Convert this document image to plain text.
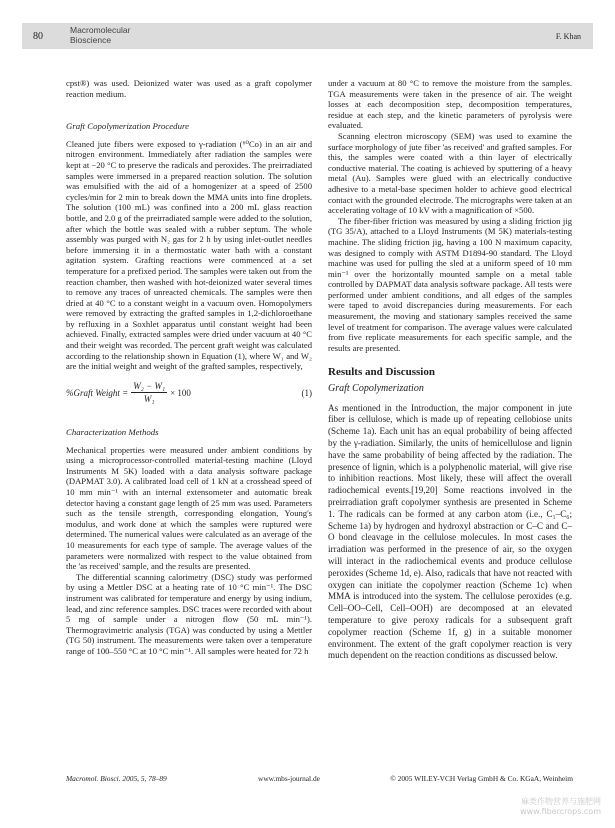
80
Macromolecular
Bioscience	F. Khan

cpst®) was used. Deionized water was used as a graft copolymer reaction medium.

Graft Copolymerization Procedure

Cleaned jute fibers were exposed to γ-radiation (⁶⁰Co) in an air and nitrogen environment. Immediately after radiation the samples were kept at −20 °C to preserve the radicals and peroxides. The preirradiated samples were immersed in a prepared reaction solution. The solution was emulsified with the aid of a homogenizer at a speed of 2500 cycles/min for 2 min to break down the MMA units into fine droplets. The solution (100 mL) was confined into a 200 mL glass reaction bottle, and 2.0 g of the preirradiated sample were added to the solution, after which the bottle was sealed with a rubber septum. The whole assembly was purged with N₂ gas for 2 h by using inlet-outlet needles before immersing it in a thermostatic water bath with a constant agitation system. Grafting reactions were commenced at a set temperature for a prefixed period. The samples were taken out from the reaction chamber, then washed with hot-deionized water several times to remove any traces of unreacted chemicals. The samples were then dried at 40 °C to a constant weight in a vacuum oven. Homopolymers were removed by extracting the grafted samples in 1,2-dichloroethane by refluxing in a Soxhlet apparatus until constant weight had been achieved. Finally, extracted samples were dried under vacuum at 40 °C and their weight was recorded. The percent graft weight was calculated according to the relationship shown in Equation (1), where W₁ and W₂ are the initial weight and weight of the grafted samples, respectively,

%Graft Weight = $\frac{\text{W₂ − W₁}}{\text{W₁}} \times 100$	(1)
Characterization Methods

Mechanical properties were measured under ambient conditions by using a microprocessor-controlled material-testing machine (Lloyd Instruments M 5K) loaded with a data analysis software package (DAPMAT 3.0). A calibrated load cell of 1 kN at a crosshead speed of 10 mm min⁻¹ with an internal extensometer and automatic break detector having a constant gage length of 25 mm was used. Parameters such as the tensile strength, corresponding elongation, Young's modulus, and work done at which the samples were ruptured were determined. The numerical values were calculated as an average of the 10 measurements for each type of sample. The average values of the parameters were normalized with respect to the value obtained from the 'as received' sample, and the results are presented.

The differential scanning calorimetry (DSC) study was performed by using a Mettler DSC at a heating rate of 10 °C min⁻¹. The DSC instrument was calibrated for temperature and energy by using indium, lead, and zinc reference samples. DSC traces were recorded with about 5 mg of sample under a nitrogen flow (50 mL min⁻¹). Thermogravimetric analysis (TGA) was conducted by using a Mettler (TG 50) instrument. The measurements were taken over a temperature range of 100–550 °C at 10 °C min⁻¹. All samples were heated for 72 h

under a vacuum at 80 °C to remove the moisture from the samples. TGA measurements were taken in the presence of air. The weight losses at each decomposition step, decomposition temperatures, residue at each step, and the kinetic parameters of pyrolysis were evaluated.

Scanning electron microscopy (SEM) was used to examine the surface morphology of jute fiber 'as received' and grafted samples. For this, the samples were coated with a thin layer of electrically conductive material. The coating is achieved by sputtering of a heavy metal (Au). Samples were glued with an electrically conductive adhesive to a metal-base specimen holder to achieve good electrical contact with the grounded electrode. The micrographs were taken at an accelerating voltage of 10 kV with a magnification of ×500.

The fiber-fiber friction was measured by using a sliding friction jig (TG 35/A), attached to a Lloyd Instruments (M 5K) materials-testing machine. The sliding friction jig, having a 100 N maximum capacity, was designed to comply with ASTM D1894-90 standard. The Lloyd machine was used for pulling the sled at a uniform speed of 10 mm min⁻¹ over the horizontally mounted sample on a metal table controlled by DAPMAT data analysis software package. All tests were performed under ambient conditions, and all edges of the samples were taped to avoid discrepancies during measurements. For each measurement, the moving and stationary samples received the same level of treatment for comparison. The average values were calculated from five replicate measurements for each specific sample, and the results are presented.

Results and Discussion
Graft Copolymerization

As mentioned in the Introduction, the major component in jute fiber is cellulose, which is made up of repeating cellobiose units (Scheme 1a). Each unit has an equal probability of being affected by the γ-radiation. Similarly, the units of hemicellulose and lignin have the same probability of being affected by the radiation. The presence of lignin, which is a polyphenolic material, will give rise to inhibition reactions. Most likely, these will affect the overall radiochemical events.[19,20] Some reactions involved in the preirradiation graft copolymer synthesis are presented in Scheme 1. The radicals can be formed at any carbon atom (i.e., C₁–C₆; Scheme 1a) by hydrogen and hydroxyl abstraction or C–C and C–O bond cleavage in the cellulose molecules. In most cases the irradiation was performed in the presence of air, so the oxygen will interact in the radiochemical events and produce cellulose peroxides (Scheme 1d, e). Also, radicals that have not reacted with oxygen can initiate the copolymer reaction (Scheme 1c) when MMA is introduced into the system. The cellulose peroxides (e.g. Cell–OO–Cell, Cell–OOH) are decomposed at an elevated temperature to give peroxy radicals for a subsequent graft copolymer reaction (Scheme 1f, g) in a suitable monomer environment. The extent of the graft copolymer reaction is very much dependent on the reaction conditions as discussed below.

Macromol. Biosci. 2005, 5, 78–89	www.mbs-journal.de	© 2005 WILEY-VCH Verlag GmbH & Co. KGaA, Weinheim
麻类作物营养与施肥网
www.fibercrops.com
